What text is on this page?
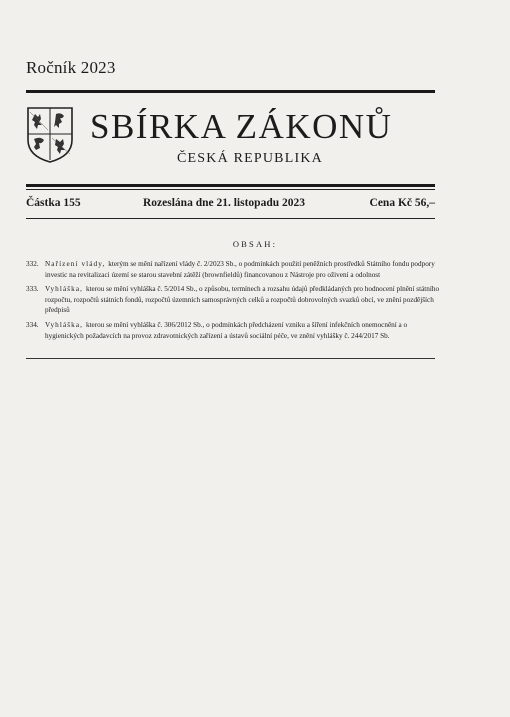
Ročník 2023
SBÍRKA ZÁKONŮ
ČESKÁ REPUBLIKA
Částka 155	Rozeslána dne 21. listopadu 2023	Cena Kč 56,–
OBSAH:
332. Nařízení vlády, kterým se mění nařízení vlády č. 2/2023 Sb., o podmínkách použití peněžních prostředků Státního fondu podpory investic na revitalizaci území se starou stavební zátěží (brownfieldů) financovanou z Nástroje pro oživení a odolnost
333. Vyhláška, kterou se mění vyhláška č. 5/2014 Sb., o způsobu, termínech a rozsahu údajů předkládaných pro hodnocení plnění státního rozpočtu, rozpočtů státních fondů, rozpočtů územních samosprávných celků a rozpočtů dobrovolných svazků obcí, ve znění pozdějších předpisů
334. Vyhláška, kterou se mění vyhláška č. 306/2012 Sb., o podmínkách předcházení vzniku a šíření infekčních onemocnění a o hygienických požadavcích na provoz zdravotnických zařízení a ústavů sociální péče, ve znění vyhlášky č. 244/2017 Sb.
